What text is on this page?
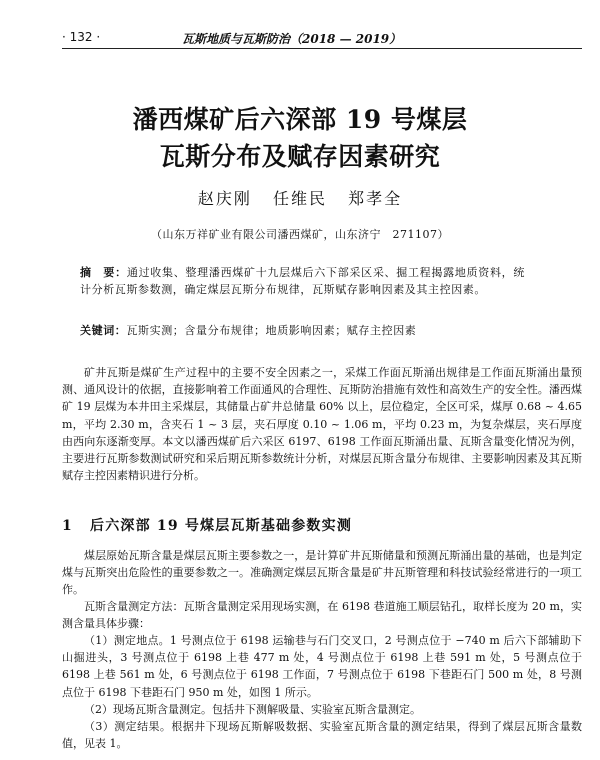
· 132 ·	瓦斯地质与瓦斯防治（2018 — 2019）
潘西煤矿后六深部 19 号煤层
瓦斯分布及赋存因素研究
赵庆刚 任维民 郑孝全
（山东万祥矿业有限公司潘西煤矿，山东济宁　271107）
摘　要：通过收集、整理潘西煤矿十九层煤后六下部采区采、掘工程揭露地质资料，统计分析瓦斯参数测，确定煤层瓦斯分布规律，瓦斯赋存影响因素及其主控因素。
关键词：瓦斯实测；含量分布规律；地质影响因素；赋存主控因素
矿井瓦斯是煤矿生产过程中的主要不安全因素之一，采煤工作面瓦斯涌出规律是工作面瓦斯涌出量预测、通风设计的依据，直接影响着工作面通风的合理性、瓦斯防治措施有效性和高效生产的安全性。潘西煤矿 19 层煤为本井田主采煤层，其储量占矿井总储量 60% 以上，层位稳定，全区可采，煤厚 0.68 ~ 4.65 m，平均 2.30 m，含夹石 1 ~ 3 层，夹石厚度 0.10 ~ 1.06 m，平均 0.23 m，为复杂煤层，夹石厚度由西向东逐渐变厚。本文以潘西煤矿后六采区 6197、6198 工作面瓦斯涌出量、瓦斯含量变化情况为例，主要进行瓦斯参数测试研究和采后期瓦斯参数统计分析，对煤层瓦斯含量分布规律、主要影响因素及其瓦斯赋存主控因素精识进行分析。
1 后六深部 19 号煤层瓦斯基础参数实测
煤层原始瓦斯含量是煤层瓦斯主要参数之一，是计算矿井瓦斯储量和预测瓦斯涌出量的基础，也是判定煤与瓦斯突出危险性的重要参数之一。准确测定煤层瓦斯含量是矿井瓦斯管理和科技试验经常进行的一项工作。
瓦斯含量测定方法：瓦斯含量测定采用现场实测，在 6198 巷道施工顺层钻孔，取样长度为 20 m，实测含量具体步骤：
（1）测定地点。1 号测点位于 6198 运输巷与石门交叉口，2 号测点位于 −740 m 后六下部辅助下山掘进头，3 号测点位于 6198 上巷 477 m 处，4 号测点位于 6198 上巷 591 m 处，5 号测点位于 6198 上巷 561 m 处，6 号测点位于 6198 工作面，7 号测点位于 6198 下巷距石门 500 m 处，8 号测点位于 6198 下巷距石门 950 m 处，如图 1 所示。
（2）现场瓦斯含量测定。包括井下测解吸量、实验室瓦斯含量测定。
（3）测定结果。根据井下现场瓦斯解吸数据、实验室瓦斯含量的测定结果，得到了煤层瓦斯含量数值，见表 1。
